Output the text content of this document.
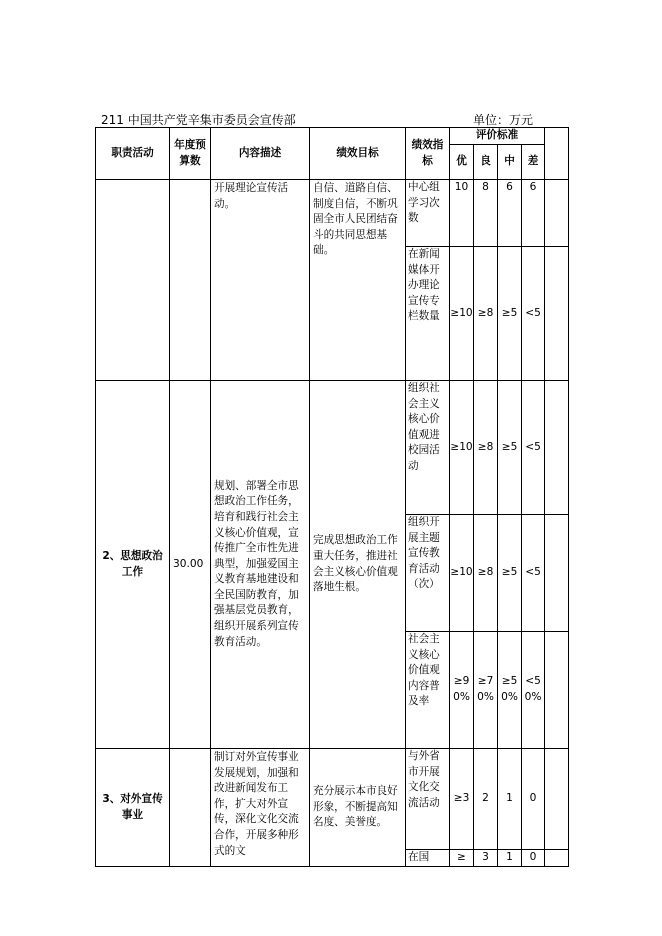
211 中国共产党辛集市委员会宣传部	单位：万元
职责活动	年度预算数	内容描述	绩效目标	绩效指标	评价标准				
					优	良	中	差	
		开展理论宣传活动。	自信、道路自信、制度自信，不断巩固全市人民团结奋斗的共同思想基础。	中心组学习次数	10	8	6	6	
				在新闻媒体开办理论宣传专栏数量	≥10	≥8	≥5	<5	
2、思想政治工作	30.00	规划、部署全市思想政治工作任务，培育和践行社会主义核心价值观，宣传推广全市性先进典型，加强爱国主义教育基地建设和全民国防教育，加强基层党员教育，组织开展系列宣传教育活动。	完成思想政治工作重大任务，推进社会主义核心价值观落地生根。	组织社会主义核心价值观进校园活动	≥10	≥8	≥5	<5	
				组织开展主题宣传教育活动（次）	≥10	≥8	≥5	<5	
				社会主义核心价值观内容普及率	≥90%	≥70%	≥50%	<50%	
3、对外宣传事业		制订对外宣传事业发展规划，加强和改进新闻发布工作，扩大对外宣传，深化文化交流合作，开展多种形式的文	充分展示本市良好形象，不断提高知名度、美誉度。	与外省市开展文化交流活动	≥3	2	1	0	
				在国	≥	3	1	0	
